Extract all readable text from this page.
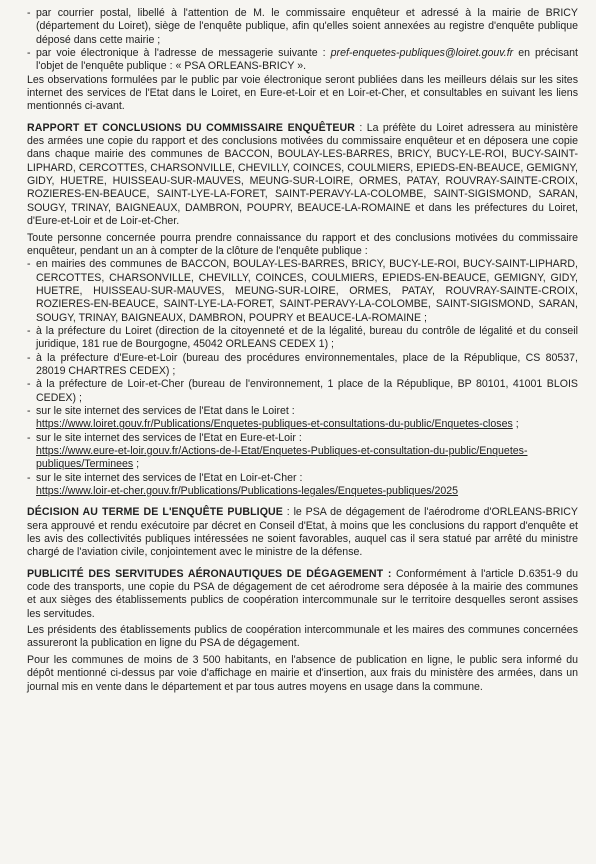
- par courrier postal, libellé à l'attention de M. le commissaire enquêteur et adressé à la mairie de BRICY (département du Loiret), siège de l'enquête publique, afin qu'elles soient annexées au registre d'enquête publique déposé dans cette mairie ;
- par voie électronique à l'adresse de messagerie suivante : pref-enquetes-publiques@loiret.gouv.fr en précisant l'objet de l'enquête publique : « PSA ORLEANS-BRICY ».

Les observations formulées par le public par voie électronique seront publiées dans les meilleurs délais sur les sites internet des services de l'Etat dans le Loiret, en Eure-et-Loir et en Loir-et-Cher, et consultables en suivant les liens mentionnés ci-avant.

RAPPORT ET CONCLUSIONS DU COMMISSAIRE ENQUÊTEUR : La préfète du Loiret adressera au ministère des armées une copie du rapport et des conclusions motivées du commissaire enquêteur et en déposera une copie dans chaque mairie des communes de BACCON, BOULAY-LES-BARRES, BRICY, BUCY-LE-ROI, BUCY-SAINT-LIPHARD, CERCOTTES, CHARSONVILLE, CHEVILLY, COINCES, COULMIERS, EPIEDS-EN-BEAUCE, GEMIGNY, GIDY, HUETRE, HUISSEAU-SUR-MAUVES, MEUNG-SUR-LOIRE, ORMES, PATAY, ROUVRAY-SAINTE-CROIX, ROZIERES-EN-BEAUCE, SAINT-LYE-LA-FORET, SAINT-PERAVY-LA-COLOMBE, SAINT-SIGISMOND, SARAN, SOUGY, TRINAY, BAIGNEAUX, DAMBRON, POUPRY, BEAUCE-LA-ROMAINE et dans les préfectures du Loiret, d'Eure-et-Loir et de Loir-et-Cher.

Toute personne concernée pourra prendre connaissance du rapport et des conclusions motivées du commissaire enquêteur, pendant un an à compter de la clôture de l'enquête publique :

- en mairies des communes de BACCON, BOULAY-LES-BARRES, BRICY, BUCY-LE-ROI, BUCY-SAINT-LIPHARD, CERCOTTES, CHARSONVILLE, CHEVILLY, COINCES, COULMIERS, EPIEDS-EN-BEAUCE, GEMIGNY, GIDY, HUETRE, HUISSEAU-SUR-MAUVES, MEUNG-SUR-LOIRE, ORMES, PATAY, ROUVRAY-SAINTE-CROIX, ROZIERES-EN-BEAUCE, SAINT-LYE-LA-FORET, SAINT-PERAVY-LA-COLOMBE, SAINT-SIGISMOND, SARAN, SOUGY, TRINAY, BAIGNEAUX, DAMBRON, POUPRY et BEAUCE-LA-ROMAINE ;
- à la préfecture du Loiret (direction de la citoyenneté et de la légalité, bureau du contrôle de légalité et du conseil juridique, 181 rue de Bourgogne, 45042 ORLEANS CEDEX 1) ;
- à la préfecture d'Eure-et-Loir (bureau des procédures environnementales, place de la République, CS 80537, 28019 CHARTRES CEDEX) ;
- à la préfecture de Loir-et-Cher (bureau de l'environnement, 1 place de la République, BP 80101, 41001 BLOIS CEDEX) ;
- sur le site internet des services de l'Etat dans le Loiret :

https://www.loiret.gouv.fr/Publications/Enquetes-publiques-et-consultations-du-public/Enquetes-closes ;

- sur le site internet des services de l'Etat en Eure-et-Loir :

https://www.eure-et-loir.gouv.fr/Actions-de-l-Etat/Enquetes-Publiques-et-consultation-du-public/Enquetes-publiques/Terminees ;

- sur le site internet des services de l'Etat en Loir-et-Cher :

https://www.loir-et-cher.gouv.fr/Publications/Publications-legales/Enquetes-publiques/2025

DÉCISION AU TERME DE L'ENQUÊTE PUBLIQUE : le PSA de dégagement de l'aérodrome d'ORLEANS-BRICY sera approuvé et rendu exécutoire par décret en Conseil d'Etat, à moins que les conclusions du rapport d'enquête et les avis des collectivités publiques intéressées ne soient favorables, auquel cas il sera statué par arrêté du ministre chargé de l'aviation civile, conjointement avec le ministre de la défense.

PUBLICITÉ DES SERVITUDES AÉRONAUTIQUES DE DÉGAGEMENT : Conformément à l'article D.6351-9 du code des transports, une copie du PSA de dégagement de cet aérodrome sera déposée à la mairie des communes et aux sièges des établissements publics de coopération intercommunale sur le territoire desquelles seront assises les servitudes.

Les présidents des établissements publics de coopération intercommunale et les maires des communes concernées assureront la publication en ligne du PSA de dégagement.

Pour les communes de moins de 3 500 habitants, en l'absence de publication en ligne, le public sera informé du dépôt mentionné ci-dessus par voie d'affichage en mairie et d'insertion, aux frais du ministère des armées, dans un journal mis en vente dans le département et par tous autres moyens en usage dans la commune.
